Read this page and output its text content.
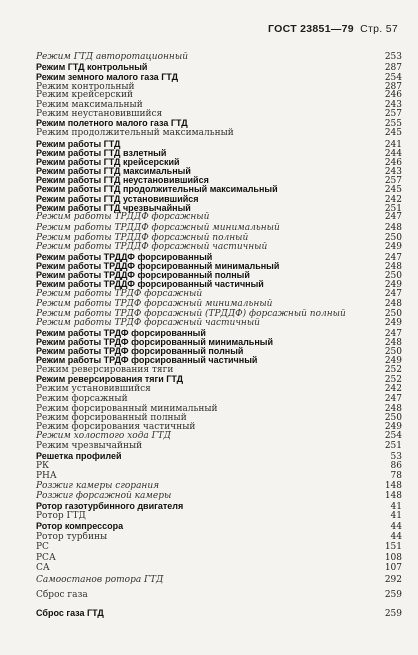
ГОСТ 23851—79 Стр. 57
Режим ГТД авторотационный	253
Режим ГТД контрольный	287
Режим земного малого газа ГТД	254
Режим контрольный	287
Режим крейсерский	246
Режим максимальный	243
Режим неустановившийся	257
Режим полетного малого газа ГТД	255
Режим продолжительный максимальный	245
Режим работы ГТД	241
Режим работы ГТД взлетный	244
Режим работы ГТД крейсерский	246
Режим работы ГТД максимальный	243
Режим работы ГТД неустановившийся	257
Режим работы ГТД продолжительный максимальный	245
Режим работы ГТД установившийся	242
Режим работы ГТД чрезвычайный	251
Режим работы ТРДДФ форсажный	247
Режим работы ТРДДФ форсажный минимальный	248
Режим работы ТРДДФ форсажный полный	250
Режим работы ТРДДФ форсажный частичный	249
Режим работы ТРДДФ форсированный	247
Режим работы ТРДДФ форсированный минимальный	248
Режим работы ТРДДФ форсированный полный	250
Режим работы ТРДДФ форсированный частичный	249
Режим работы ТРДФ форсажный	247
Режим работы ТРДФ форсажный минимальный	248
Режим работы ТРДФ форсажный (ТРДДФ) форсажный полный	250
Режим работы ТРДФ форсажный частичный	249
Режим работы ТРДФ форсированный	247
Режим работы ТРДФ форсированный минимальный	248
Режим работы ТРДФ форсированный полный	250
Режим работы ТРДФ форсированный частичный	249
Режим реверсирования тяги	252
Режим реверсирования тяги ГТД	252
Режим установившийся	242
Режим форсажный	247
Режим форсированный минимальный	248
Режим форсированный полный	250
Режим форсирования частичный	249
Режим холостого хода ГТД	254
Режим чрезвычайный	251
Решетка профилей	53
РК	86
РНА	78
Розжиг камеры сгорания	148
Розжиг форсажной камеры	148
Ротор газотурбинного двигателя	41
Ротор ГТД	41
Ротор компрессора	44
Ротор турбины	44
РС	151
РСА	108
СА	107
Самоостанов ротора ГТД	292
Сброс газа	259
Сброс газа ГТД	259
